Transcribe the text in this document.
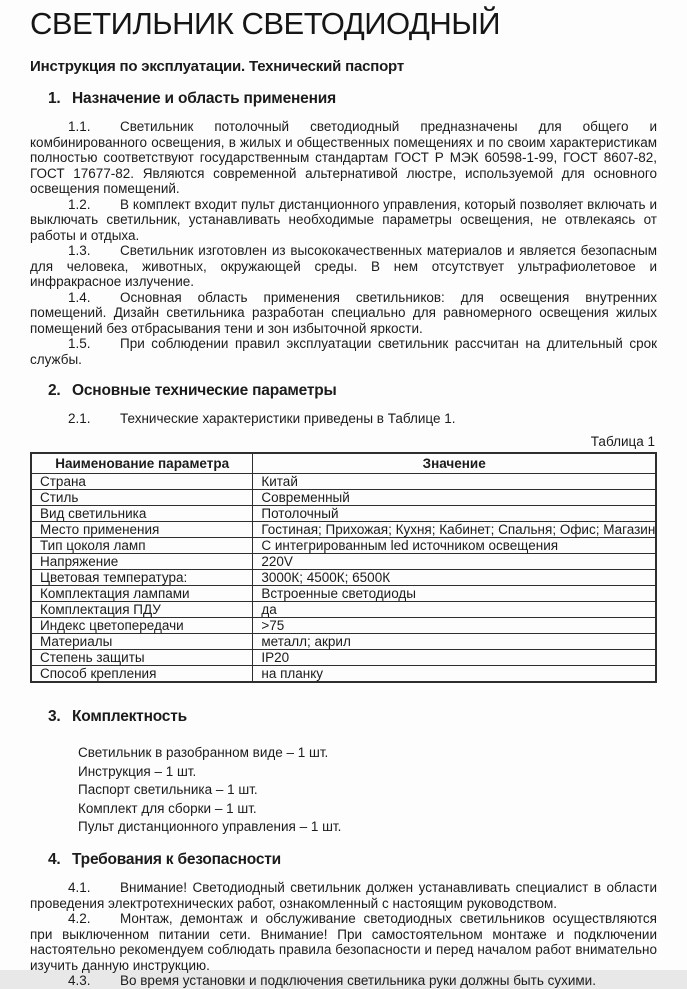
СВЕТИЛЬНИК СВЕТОДИОДНЫЙ
Инструкция по эксплуатации. Технический паспорт
1. Назначение и область применения

1.1. Светильник потолочный светодиодный предназначены для общего и комбинированного освещения, в жилых и общественных помещениях и по своим характеристикам полностью соответствуют государственным стандартам ГОСТ Р МЭК 60598-1-99, ГОСТ 8607-82, ГОСТ 17677-82. Являются современной альтернативой люстре, используемой для основного освещения помещений.

1.2. В комплект входит пульт дистанционного управления, который позволяет включать и выключать светильник, устанавливать необходимые параметры освещения, не отвлекаясь от работы и отдыха.

1.3. Светильник изготовлен из высококачественных материалов и является безопасным для человека, животных, окружающей среды. В нем отсутствует ультрафиолетовое и инфракрасное излучение.

1.4. Основная область применения светильников: для освещения внутренних помещений. Дизайн светильника разработан специально для равномерного освещения жилых помещений без отбрасывания тени и зон избыточной яркости.

1.5. При соблюдении правил эксплуатации светильник рассчитан на длительный срок службы.

2. Основные технические параметры

2.1. Технические характеристики приведены в Таблице 1.

Таблица 1
Наименование параметра	Значение
Страна	Китай
Стиль	Современный
Вид светильника	Потолочный
Место применения	Гостиная; Прихожая; Кухня; Кабинет; Спальня; Офис; Магазин
Тип цоколя ламп	С интегрированным led источником освещения
Напряжение	220V
Цветовая температура:	3000К; 4500К; 6500К
Комплектация лампами	Встроенные светодиоды
Комплектация ПДУ	да
Индекс цветопередачи	>75
Материалы	металл; акрил
Степень защиты	IP20
Способ крепления	на планку
3. Комплектность
Светильник в разобранном виде – 1 шт.
Инструкция – 1 шт.
Паспорт светильника – 1 шт.
Комплект для сборки – 1 шт.
Пульт дистанционного управления – 1 шт.
4. Требования к безопасности

4.1. Внимание! Светодиодный светильник должен устанавливать специалист в области проведения электротехнических работ, ознакомленный с настоящим руководством.

4.2. Монтаж, демонтаж и обслуживание светодиодных светильников осуществляются при выключенном питании сети. Внимание! При самостоятельном монтаже и подключении настоятельно рекомендуем соблюдать правила безопасности и перед началом работ внимательно изучить данную инструкцию.

4.3. Во время установки и подключения светильника руки должны быть сухими.
